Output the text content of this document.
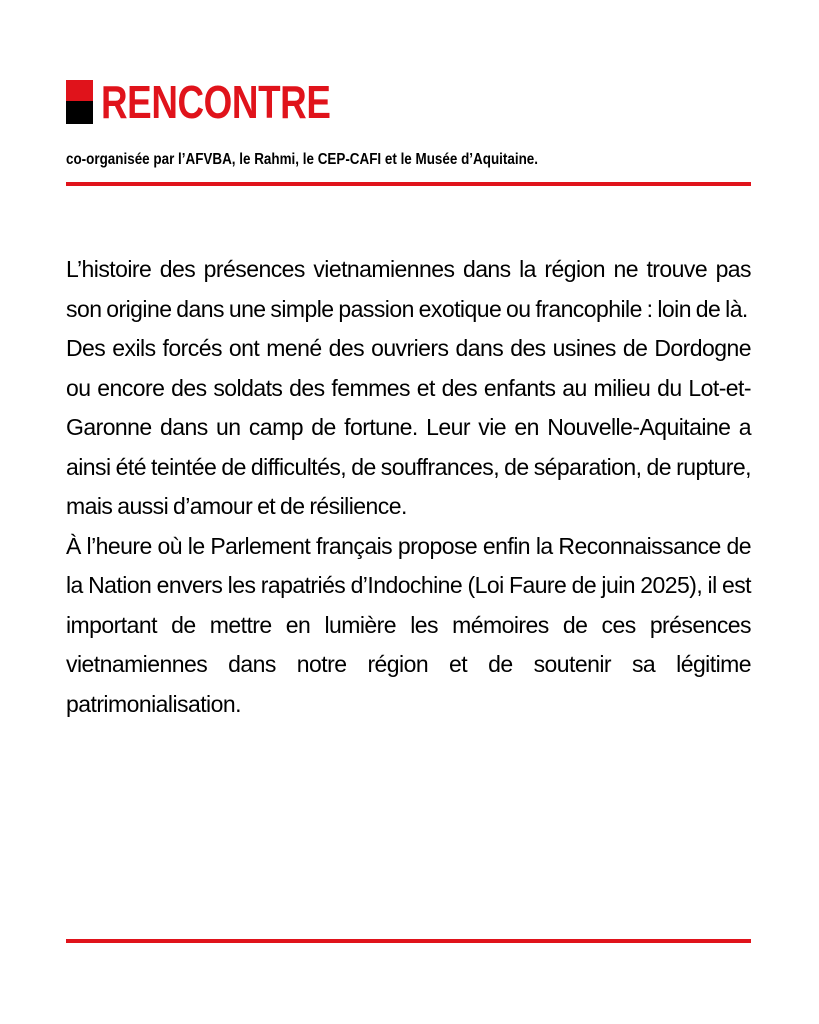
RENCONTRE

co-organisée par l’AFVBA, le Rahmi, le CEP-CAFI et le Musée d’Aquitaine.

L’histoire des présences vietnamiennes dans la région ne trouve pas son origine dans une simple passion exotique ou francophile : loin de là.

Des exils forcés ont mené des ouvriers dans des usines de Dordogne ou encore des soldats des femmes et des enfants au milieu du Lot-et-Garonne dans un camp de fortune. Leur vie en Nouvelle-Aquitaine a ainsi été teintée de difficultés, de souffrances, de séparation, de rupture, mais aussi d’amour et de résilience.

À l’heure où le Parlement français propose enfin la Reconnaissance de la Nation envers les rapatriés d’Indochine (Loi Faure de juin 2025), il est important de mettre en lumière les mémoires de ces présences vietnamiennes dans notre région et de soutenir sa légitime patrimonialisation.
